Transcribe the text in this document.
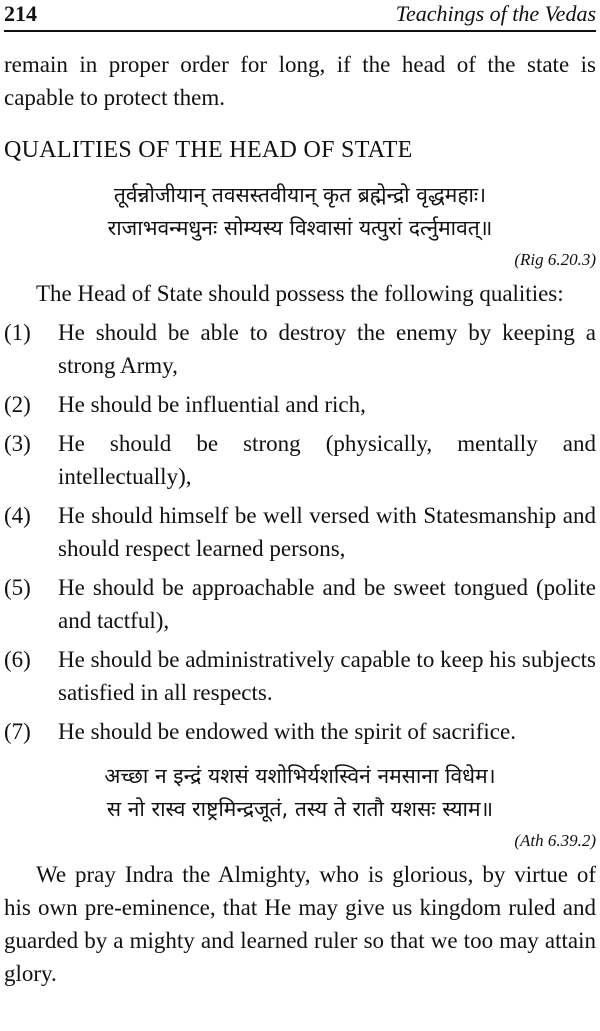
214	Teachings of the Vedas

remain in proper order for long, if the head of the state is capable to protect them.

QUALITIES OF THE HEAD OF STATE

तूर्वन्नोजीयान् तवसस्तवीयान् कृत ब्रह्मेन्द्रो वृद्धमहाः।

राजाभवन्मधुनः सोम्यस्य विश्वासां यत्पुरां दर्त्नुमावत्॥

(Rig 6.20.3)

The Head of State should possess the following qualities:

(1)	He should be able to destroy the enemy by keeping a strong Army,
(2)	He should be influential and rich,
(3)	He should be strong (physically, mentally and intellectually),
(4)	He should himself be well versed with Statesmanship and should respect learned persons,
(5)	He should be approachable and be sweet tongued (polite and tactful),
(6)	He should be administratively capable to keep his subjects satisfied in all respects.
(7)	He should be endowed with the spirit of sacrifice.

अच्छा न इन्द्रं यशसं यशोभिर्यशस्विनं नमसाना विधेम।

स नो रास्व राष्ट्रमिन्द्रजूतं, तस्य ते रातौ यशसः स्याम॥

(Ath 6.39.2)

We pray Indra the Almighty, who is glorious, by virtue of his own pre-eminence, that He may give us kingdom ruled and guarded by a mighty and learned ruler so that we too may attain glory.
